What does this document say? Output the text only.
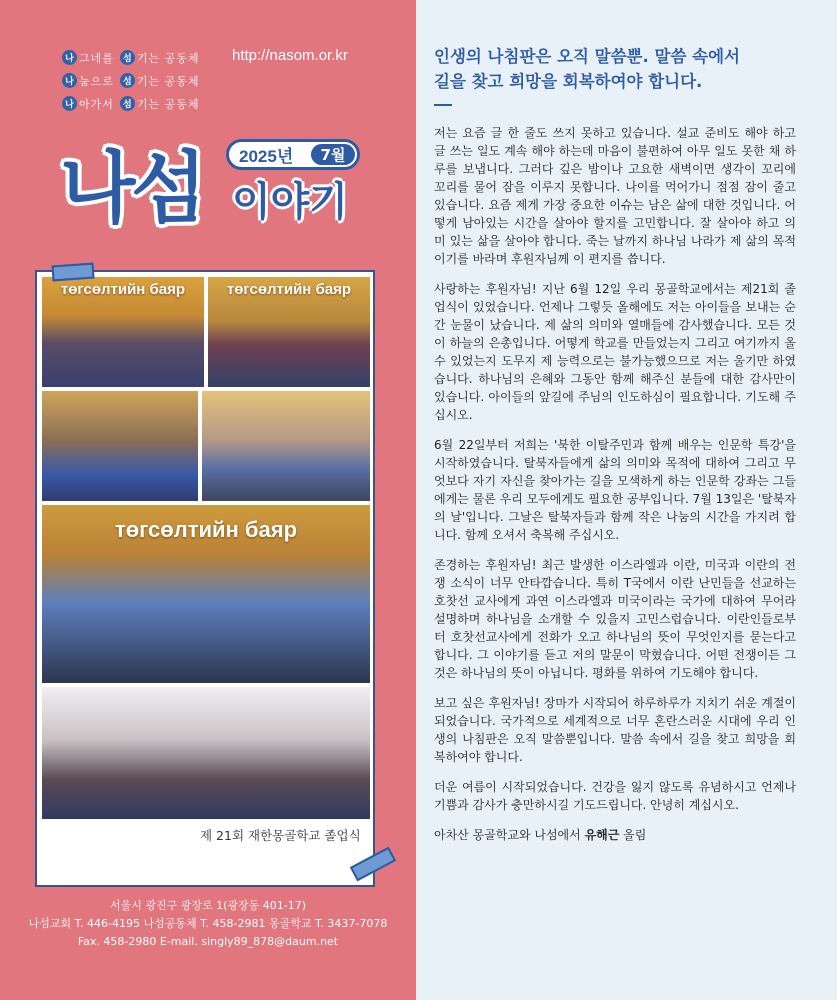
나 그네를	섬 기는 공동체
나 눔으로	섬 기는 공동체
나 아가서	섬 기는 공동체
http://nasom.or.kr
2025년	7월
나섬 이야기
төгсөлтийн баяр	төгсөлтийн баяр
төгсөлтийн баяр
제 21회 재한몽골학교 졸업식
서울시 광진구 광장로 1(광장동 401-17)
나섬교회 T. 446-4195 나섬공동체 T. 458-2981 몽골학교 T. 3437-7078
Fax. 458-2980 E-mail. singly89_878@daum.net
인생의 나침판은 오직 말씀뿐. 말씀 속에서
길을 찾고 희망을 회복하여야 합니다.

저는 요즘 글 한 줄도 쓰지 못하고 있습니다. 설교 준비도 해야 하고 글 쓰는 일도 계속 해야 하는데 마음이 불편하여 아무 일도 못한 채 하루를 보냅니다. 그러다 깊은 밤이나 고요한 새벽이면 생각이 꼬리에 꼬리를 물어 잠을 이루지 못합니다. 나이를 먹어가니 점점 잠이 줄고 있습니다. 요즘 제게 가장 중요한 이슈는 남은 삶에 대한 것입니다. 어떻게 남아있는 시간을 살아야 할지를 고민합니다. 잘 살아야 하고 의미 있는 삶을 살아야 합니다. 죽는 날까지 하나님 나라가 제 삶의 목적이기를 바라며 후원자님께 이 편지를 씁니다.

사랑하는 후원자님! 지난 6월 12일 우리 몽골학교에서는 제21회 졸업식이 있었습니다. 언제나 그렇듯 올해에도 저는 아이들을 보내는 순간 눈물이 났습니다. 제 삶의 의미와 열매들에 감사했습니다. 모든 것이 하늘의 은총입니다. 어떻게 학교를 만들었는지 그리고 여기까지 올 수 있었는지 도무지 제 능력으로는 불가능했으므로 저는 울기만 하였습니다. 하나님의 은혜와 그동안 함께 해주신 분들에 대한 감사만이 있습니다. 아이들의 앞길에 주님의 인도하심이 필요합니다. 기도해 주십시오.

6월 22일부터 저희는 '북한 이탈주민과 함께 배우는 인문학 특강'을 시작하였습니다. 탈북자들에게 삶의 의미와 목적에 대하여 그리고 무엇보다 자기 자신을 찾아가는 길을 모색하게 하는 인문학 강좌는 그들에게는 물론 우리 모두에게도 필요한 공부입니다. 7월 13일은 '탈북자의 날'입니다. 그날은 탈북자들과 함께 작은 나눔의 시간을 가지려 합니다. 함께 오셔서 축복해 주십시오.

존경하는 후원자님! 최근 발생한 이스라엘과 이란, 미국과 이란의 전쟁 소식이 너무 안타깝습니다. 특히 T국에서 이란 난민들을 선교하는 호찻선 교사에게 과연 이스라엘과 미국이라는 국가에 대하여 무어라 설명하며 하나님을 소개할 수 있을지 고민스럽습니다. 이란인들로부터 호찻선교사에게 전화가 오고 하나님의 뜻이 무엇인지를 묻는다고 합니다. 그 이야기를 듣고 저의 말문이 막혔습니다. 어떤 전쟁이든 그것은 하나님의 뜻이 아닙니다. 평화를 위하여 기도해야 합니다.

보고 싶은 후원자님! 장마가 시작되어 하루하루가 지치기 쉬운 계절이 되었습니다. 국가적으로 세계적으로 너무 혼란스러운 시대에 우리 인생의 나침판은 오직 말씀뿐입니다. 말씀 속에서 길을 찾고 희망을 회복하여야 합니다.

더운 여름이 시작되었습니다. 건강을 잃지 않도록 유념하시고 언제나 기쁨과 감사가 충만하시길 기도드립니다. 안녕히 계십시오.

아차산 몽골학교와 나섬에서 유해근 올림
